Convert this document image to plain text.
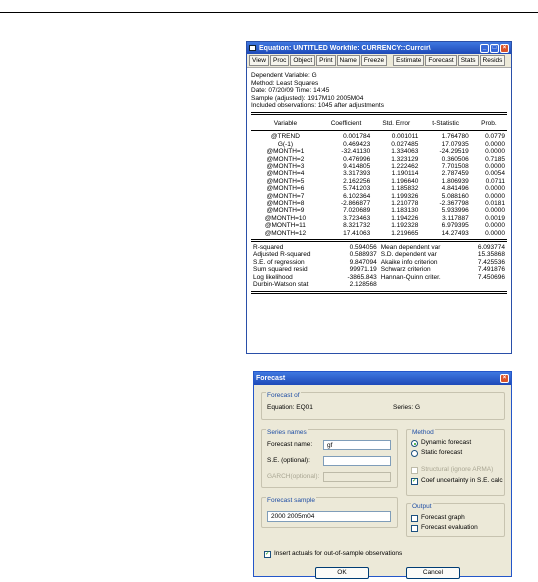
Equation: UNTITLED Workfile: CURRENCY::Currcir\	_	□	×
View	Proc	Object	Print	Name	Freeze	Estimate	Forecast	Stats	Resids
Dependent Variable: G
Method: Least Squares
Date: 07/20/09 Time: 14:45
Sample (adjusted): 1917M10 2005M04
Included observations: 1045 after adjustments
Variable	Coefficient	Std. Error	t-Statistic	Prob.

@TREND	0.001784	0.001011	1.764780	0.0779
G(-1)	0.469423	0.027485	17.07935	0.0000
@MONTH=1	-32.41130	1.334063	-24.29519	0.0000
@MONTH=2	0.476996	1.323129	0.360506	0.7185
@MONTH=3	9.414805	1.222462	7.701508	0.0000
@MONTH=4	3.317393	1.190114	2.787459	0.0054
@MONTH=5	2.162256	1.196640	1.806939	0.0711
@MONTH=6	5.741203	1.185832	4.841496	0.0000
@MONTH=7	6.102364	1.199326	5.088160	0.0000
@MONTH=8	-2.866877	1.210778	-2.367798	0.0181
@MONTH=9	7.020689	1.183130	5.933996	0.0000
@MONTH=10	3.723463	1.194226	3.117887	0.0019
@MONTH=11	8.321732	1.192328	6.979395	0.0000
@MONTH=12	17.41063	1.219665	14.27493	0.0000
R-squared	0.594056	Mean dependent var	6.093774
Adjusted R-squared	0.588937	S.D. dependent var	15.35868
S.E. of regression	9.847094	Akaike info criterion	7.425536
Sum squared resid	99971.19	Schwarz criterion	7.491876
Log likelihood	-3865.843	Hannan-Quinn criter.	7.450696
Durbin-Watson stat	2.128568		
Forecast	×
Forecast of
Equation: EQ01	Series: G
Series names
Forecast name:
gf
S.E. (optional):
GARCH(optional):
Method
Dynamic forecast
Static forecast
Structural (ignore ARMA)
✓ Coef uncertainty in S.E. calc
Forecast sample
2000 2005m04
Output
Forecast graph
Forecast evaluation
✓ Insert actuals for out-of-sample observations
OK	Cancel
